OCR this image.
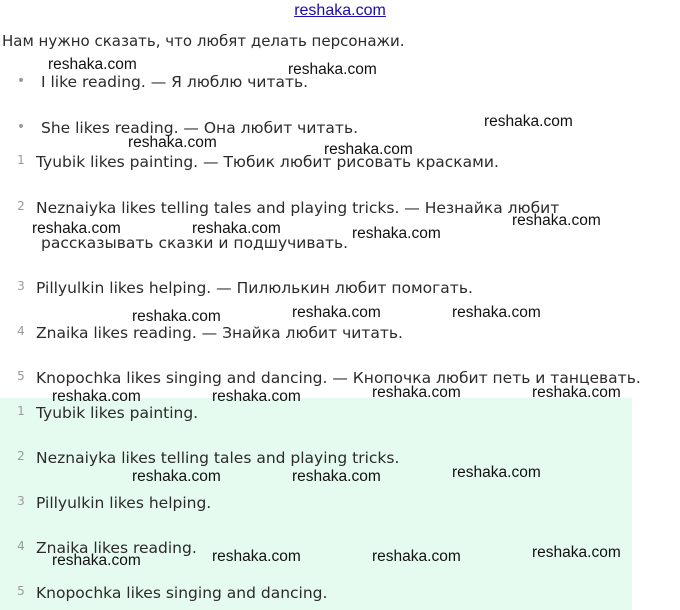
reshaka.com
Нам нужно сказать, что любят делать персонажи.
• I like reading. — Я люблю читать.
• She likes reading. — Она любит читать.
1 Tyubik likes painting. — Тюбик любит рисовать красками.
2 Neznaiyka likes telling tales and playing tricks. — Незнайка любит
рассказывать сказки и подшучивать.
3 Pillyulkin likes helping. — Пилюлькин любит помогать.
4 Znaika likes reading. — Знайка любит читать.
5 Knopochka likes singing and dancing. — Кнопочка любит петь и танцевать.
1 Tyubik likes painting.
2 Neznaiyka likes telling tales and playing tricks.
3 Pillyulkin likes helping.
4 Znaika likes reading.
5 Knopochka likes singing and dancing.
reshaka.com	reshaka.com
reshaka.com
reshaka.com	reshaka.com
reshaka.com
reshaka.com	reshaka.com	reshaka.com
reshaka.com	reshaka.com
reshaka.com
reshaka.com	reshaka.com
reshaka.com	reshaka.com
reshaka.com
reshaka.com	reshaka.com
reshaka.com
reshaka.com	reshaka.com
reshaka.com
